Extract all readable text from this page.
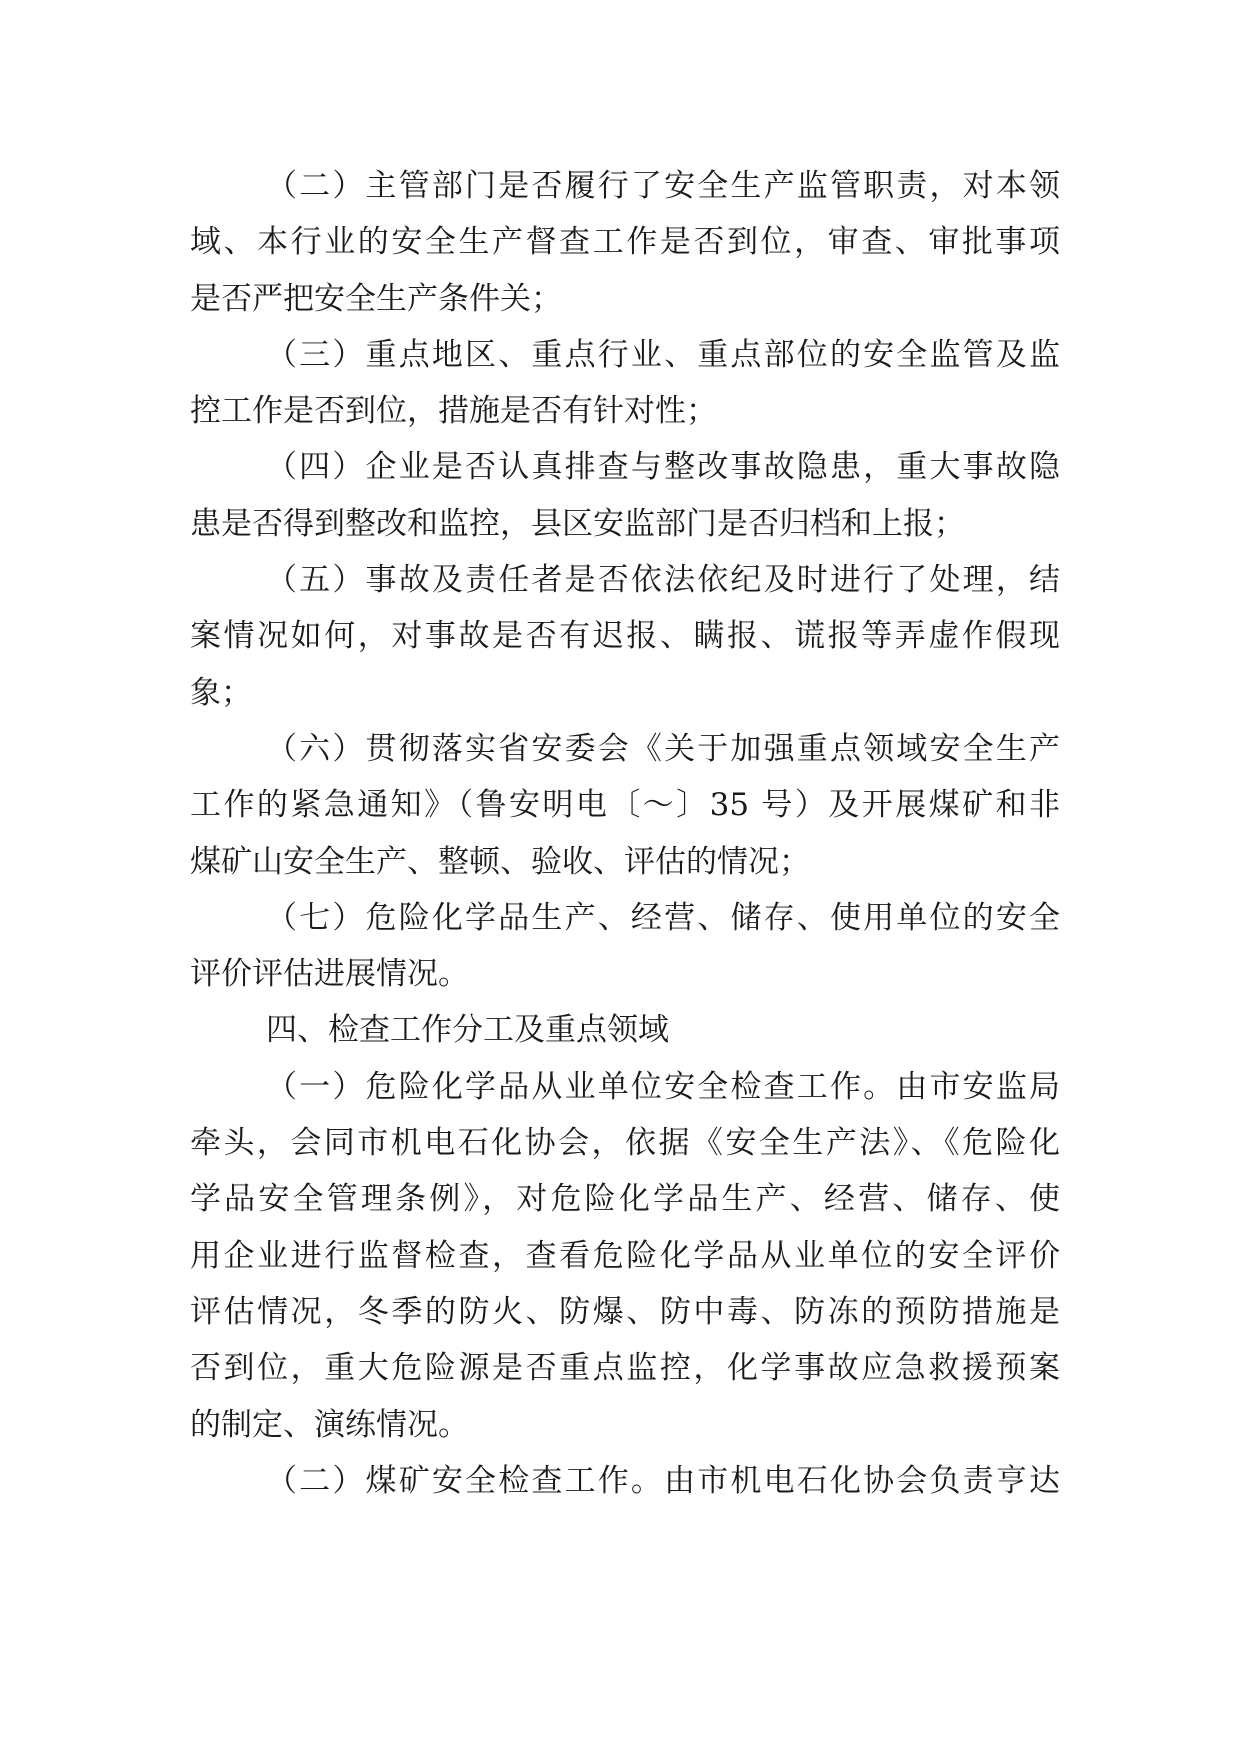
（二）主管部门是否履行了安全生产监管职责，对本领
域、本行业的安全生产督查工作是否到位，审查、审批事项
是否严把安全生产条件关；
（三）重点地区、重点行业、重点部位的安全监管及监
控工作是否到位，措施是否有针对性；
（四）企业是否认真排查与整改事故隐患，重大事故隐
患是否得到整改和监控，县区安监部门是否归档和上报；
（五）事故及责任者是否依法依纪及时进行了处理，结
案情况如何，对事故是否有迟报、瞒报、谎报等弄虚作假现
象；
（六）贯彻落实省安委会《关于加强重点领域安全生产
工作的紧急通知》（鲁安明电〔～〕35 号）及开展煤矿和非
煤矿山安全生产、整顿、验收、评估的情况；
（七）危险化学品生产、经营、储存、使用单位的安全
评价评估进展情况。
四、检查工作分工及重点领域
（一）危险化学品从业单位安全检查工作。由市安监局
牵头，会同市机电石化协会，依据《安全生产法》、《危险化
学品安全管理条例》，对危险化学品生产、经营、储存、使
用企业进行监督检查，查看危险化学品从业单位的安全评价
评估情况，冬季的防火、防爆、防中毒、防冻的预防措施是
否到位，重大危险源是否重点监控，化学事故应急救援预案
的制定、演练情况。
（二）煤矿安全检查工作。由市机电石化协会负责亨达
